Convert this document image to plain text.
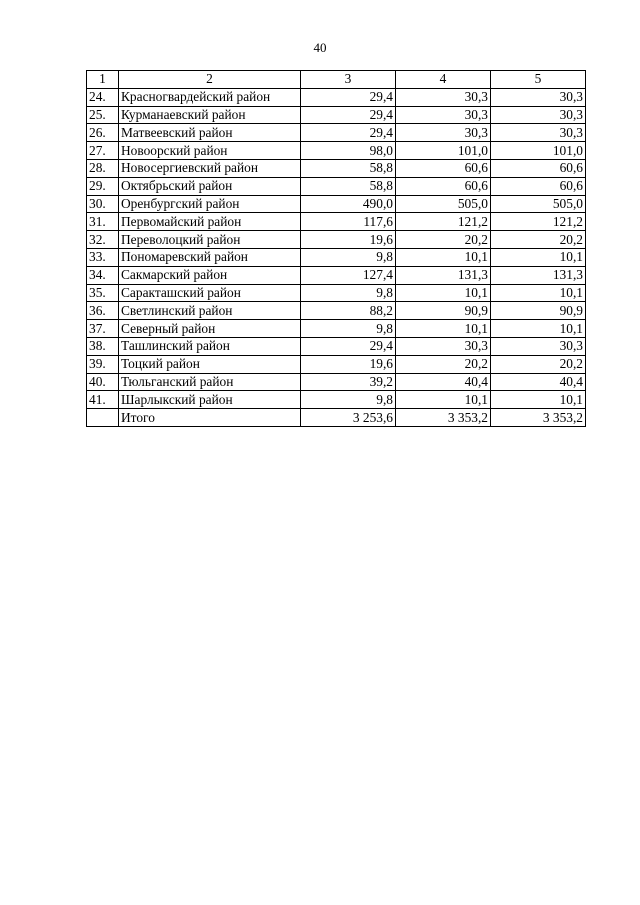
40
1	2	3	4	5
24.	Красногвардейский район	29,4	30,3	30,3
25.	Курманаевский район	29,4	30,3	30,3
26.	Матвеевский район	29,4	30,3	30,3
27.	Новоорский район	98,0	101,0	101,0
28.	Новосергиевский район	58,8	60,6	60,6
29.	Октябрьский район	58,8	60,6	60,6
30.	Оренбургский район	490,0	505,0	505,0
31.	Первомайский район	117,6	121,2	121,2
32.	Переволоцкий район	19,6	20,2	20,2
33.	Пономаревский район	9,8	10,1	10,1
34.	Сакмарский район	127,4	131,3	131,3
35.	Саракташский район	9,8	10,1	10,1
36.	Светлинский район	88,2	90,9	90,9
37.	Северный район	9,8	10,1	10,1
38.	Ташлинский район	29,4	30,3	30,3
39.	Тоцкий район	19,6	20,2	20,2
40.	Тюльганский район	39,2	40,4	40,4
41.	Шарлыкский район	9,8	10,1	10,1
	Итого	3 253,6	3 353,2	3 353,2
